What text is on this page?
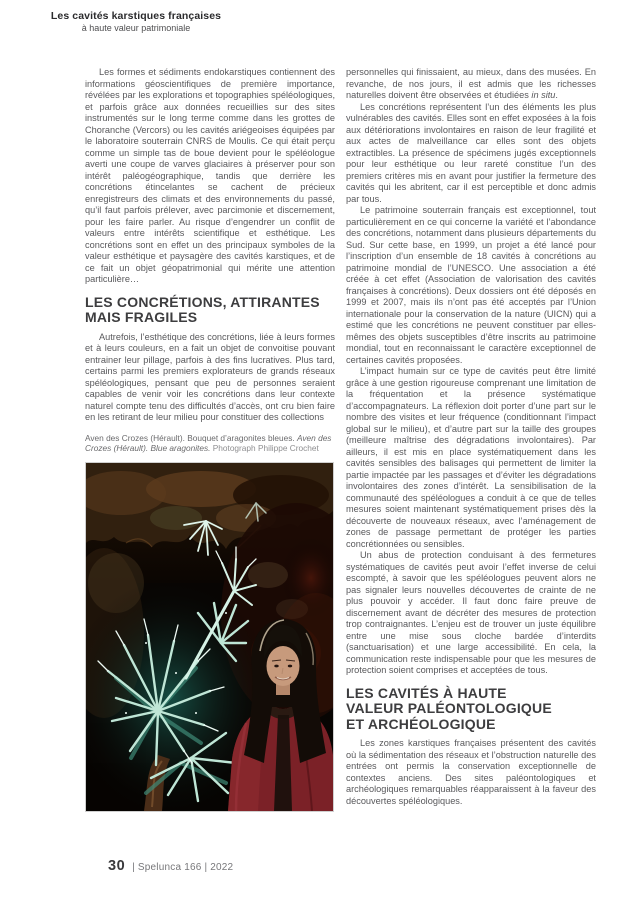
Les cavités karstiques françaises
à haute valeur patrimoniale

Les formes et sédiments endokarstiques contiennent des informations géoscientifiques de première importance, révélées par les explorations et topographies spéléologiques, et parfois grâce aux données recueillies sur des sites instrumentés sur le long terme comme dans les grottes de Choranche (Vercors) ou les cavités ariégeoises équipées par le laboratoire souterrain CNRS de Moulis. Ce qui était perçu comme un simple tas de boue devient pour le spéléologue averti une coupe de varves glaciaires à préserver pour son intérêt paléogéographique, tandis que derrière les concrétions étincelantes se cachent de précieux enregistreurs des climats et des environnements du passé, qu’il faut parfois prélever, avec parcimonie et discernement, pour les faire parler. Au risque d’engendrer un conflit de valeurs entre intérêts scientifique et esthétique. Les concrétions sont en effet un des principaux symboles de la valeur esthétique et paysagère des cavités karstiques, et de ce fait un objet géopatrimonial qui mérite une attention particulière…

LES CONCRÉTIONS, ATTIRANTES
MAIS FRAGILES

Autrefois, l’esthétique des concrétions, liée à leurs formes et à leurs couleurs, en a fait un objet de convoitise pouvant entrainer leur pillage, parfois à des fins lucratives. Plus tard, certains parmi les premiers explorateurs de grands réseaux spéléologiques, pensant que peu de personnes seraient capables de venir voir les concrétions dans leur contexte naturel compte tenu des difficultés d’accès, ont cru bien faire en les retirant de leur milieu pour constituer des collections

Aven des Crozes (Hérault). Bouquet d’aragonites bleues. Aven des Crozes (Hérault). Blue aragonites. Photograph Philippe Crochet

personnelles qui finissaient, au mieux, dans des musées. En revanche, de nos jours, il est admis que les richesses naturelles doivent être observées et étudiées in situ.

Les concrétions représentent l’un des éléments les plus vulnérables des cavités. Elles sont en effet exposées à la fois aux détériorations involontaires en raison de leur fragilité et aux actes de malveillance car elles sont des objets extractibles. La présence de spécimens jugés exceptionnels pour leur esthétique ou leur rareté constitue l’un des premiers critères mis en avant pour justifier la fermeture des cavités qui les abritent, car il est perceptible et donc admis par tous.

Le patrimoine souterrain français est exceptionnel, tout particulièrement en ce qui concerne la variété et l’abondance des concrétions, notamment dans plusieurs départements du Sud. Sur cette base, en 1999, un projet a été lancé pour l’inscription d’un ensemble de 18 cavités à concrétions au patrimoine mondial de l’UNESCO. Une association a été créée à cet effet (Association de valorisation des cavités françaises à concrétions). Deux dossiers ont été déposés en 1999 et 2007, mais ils n’ont pas été acceptés par l’Union internationale pour la conservation de la nature (UICN) qui a estimé que les concrétions ne peuvent constituer par elles-mêmes des objets susceptibles d’être inscrits au patrimoine mondial, tout en reconnaissant le caractère exceptionnel de certaines cavités proposées.

L’impact humain sur ce type de cavités peut être limité grâce à une gestion rigoureuse comprenant une limitation de la fréquentation et la présence systématique d’accompagnateurs. La réflexion doit porter d’une part sur le nombre des visites et leur fréquence (conditionnant l’impact global sur le milieu), et d’autre part sur la taille des groupes (meilleure maîtrise des dégradations involontaires). Par ailleurs, il est mis en place systématiquement dans les cavités sensibles des balisages qui permettent de limiter la partie impactée par les passages et d’éviter les dégradations involontaires des zones d’intérêt. La sensibilisation de la communauté des spéléologues a conduit à ce que de telles mesures soient maintenant systématiquement prises dès la découverte de nouveaux réseaux, avec l’aménagement de zones de passage permettant de protéger les parties concrétionnées ou sensibles.

Un abus de protection conduisant à des fermetures systématiques de cavités peut avoir l’effet inverse de celui escompté, à savoir que les spéléologues peuvent alors ne pas signaler leurs nouvelles découvertes de crainte de ne plus pouvoir y accéder. Il faut donc faire preuve de discernement avant de décréter des mesures de protection trop contraignantes. L’enjeu est de trouver un juste équilibre entre une mise sous cloche bardée d’interdits (sanctuarisation) et une large accessibilité. En cela, la communication reste indispensable pour que les mesures de protection soient comprises et acceptées de tous.

LES CAVITÉS À HAUTE
VALEUR PALÉONTOLOGIQUE
ET ARCHÉOLOGIQUE

Les zones karstiques françaises présentent des cavités où la sédimentation des réseaux et l’obstruction naturelle des entrées ont permis la conservation exceptionnelle de contextes anciens. Des sites paléontologiques et archéologiques remarquables réapparaissent à la faveur des découvertes spéléologiques.

30 | Spelunca 166 | 2022
